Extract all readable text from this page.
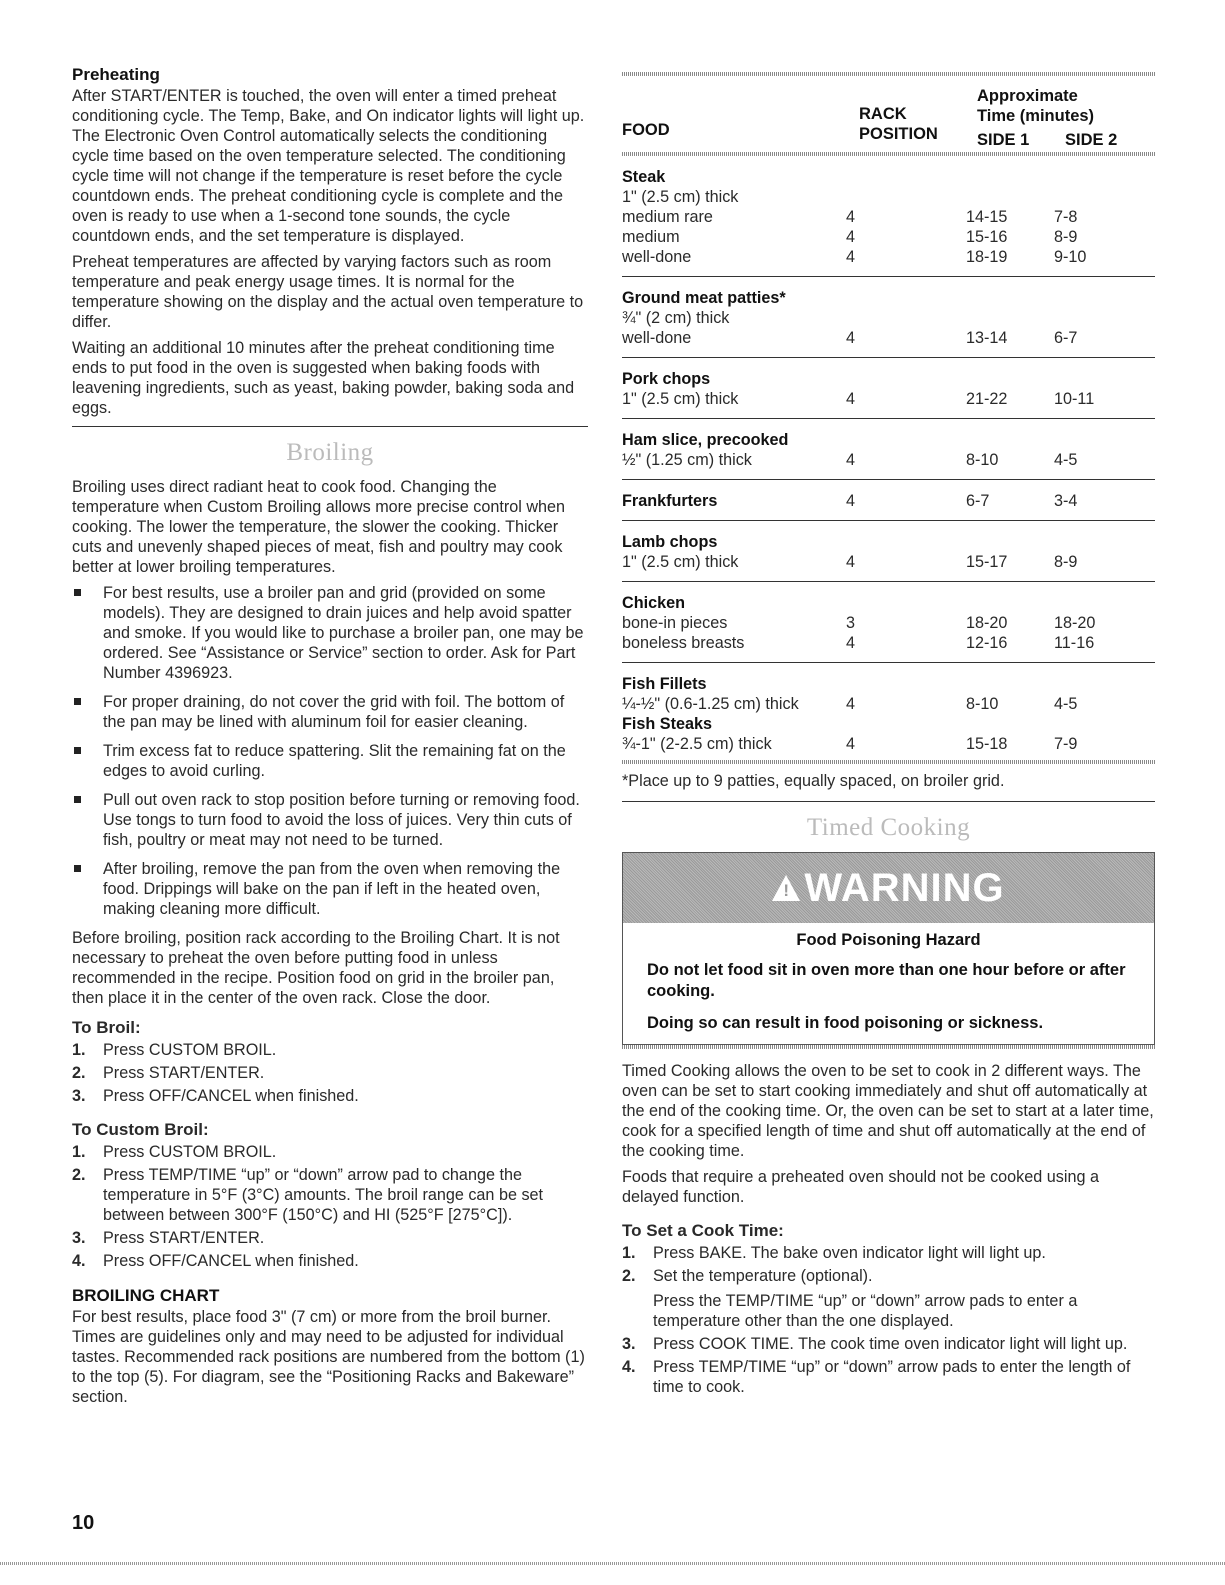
Preheating

After START/ENTER is touched, the oven will enter a timed preheat conditioning cycle. The Temp, Bake, and On indicator lights will light up. The Electronic Oven Control automatically selects the conditioning cycle time based on the oven temperature selected. The conditioning cycle time will not change if the temperature is reset before the cycle countdown ends. The preheat conditioning cycle is complete and the oven is ready to use when a 1-second tone sounds, the cycle countdown ends, and the set temperature is displayed.

Preheat temperatures are affected by varying factors such as room temperature and peak energy usage times. It is normal for the temperature showing on the display and the actual oven temperature to differ.

Waiting an additional 10 minutes after the preheat conditioning time ends to put food in the oven is suggested when baking foods with leavening ingredients, such as yeast, baking powder, baking soda and eggs.

Broiling

Broiling uses direct radiant heat to cook food. Changing the temperature when Custom Broiling allows more precise control when cooking. The lower the temperature, the slower the cooking. Thicker cuts and unevenly shaped pieces of meat, fish and poultry may cook better at lower broiling temperatures.

For best results, use a broiler pan and grid (provided on some models). They are designed to drain juices and help avoid spatter and smoke. If you would like to purchase a broiler pan, one may be ordered. See “Assistance or Service” section to order. Ask for Part Number 4396923.
For proper draining, do not cover the grid with foil. The bottom of the pan may be lined with aluminum foil for easier cleaning.
Trim excess fat to reduce spattering. Slit the remaining fat on the edges to avoid curling.
Pull out oven rack to stop position before turning or removing food. Use tongs to turn food to avoid the loss of juices. Very thin cuts of fish, poultry or meat may not need to be turned.
After broiling, remove the pan from the oven when removing the food. Drippings will bake on the pan if left in the heated oven, making cleaning more difficult.

Before broiling, position rack according to the Broiling Chart. It is not necessary to preheat the oven before putting food in unless recommended in the recipe. Position food on grid in the broiler pan, then place it in the center of the oven rack. Close the door.

To Broil:
1. Press CUSTOM BROIL.
2. Press START/ENTER.
3. Press OFF/CANCEL when finished.
To Custom Broil:
1. Press CUSTOM BROIL.
2. Press TEMP/TIME “up” or “down” arrow pad to change the temperature in 5°F (3°C) amounts. The broil range can be set between between 300°F (150°C) and HI (525°F [275°C]).
3. Press START/ENTER.
4. Press OFF/CANCEL when finished.
BROILING CHART

For best results, place food 3" (7 cm) or more from the broil burner. Times are guidelines only and may need to be adjusted for individual tastes. Recommended rack positions are numbered from the bottom (1) to the top (5). For diagram, see the “Positioning Racks and Bakeware” section.

FOOD
RACK
POSITION
Approximate
Time (minutes)
SIDE 1 SIDE 2
Steak
1" (2.5 cm) thick
medium rare	4	14-15	7-8
medium	4	15-16	8-9
well-done	4	18-19	9-10
Ground meat patties*
¾" (2 cm) thick
well-done	4	13-14	6-7
Pork chops
1" (2.5 cm) thick	4	21-22	10-11
Ham slice, precooked
½" (1.25 cm) thick	4	8-10	4-5
Frankfurters	4	6-7	3-4
Lamb chops
1" (2.5 cm) thick	4	15-17	8-9
Chicken
bone-in pieces	3	18-20	18-20
boneless breasts	4	12-16	11-16
Fish Fillets
¼-½" (0.6-1.25 cm) thick	4	8-10	4-5
Fish Steaks
¾-1" (2-2.5 cm) thick	4	15-18	7-9
*Place up to 9 patties, equally spaced, on broiler grid.
Timed Cooking
!
WARNING
Food Poisoning Hazard

Do not let food sit in oven more than one hour before or after cooking.

Doing so can result in food poisoning or sickness.

Timed Cooking allows the oven to be set to cook in 2 different ways. The oven can be set to start cooking immediately and shut off automatically at the end of the cooking time. Or, the oven can be set to start at a later time, cook for a specified length of time and shut off automatically at the end of the cooking time.

Foods that require a preheated oven should not be cooked using a delayed function.

To Set a Cook Time:
1. Press BAKE. The bake oven indicator light will light up.
2. Set the temperature (optional).
Press the TEMP/TIME “up” or “down” arrow pads to enter a temperature other than the one displayed.
3. Press COOK TIME. The cook time oven indicator light will light up.
4. Press TEMP/TIME “up” or “down” arrow pads to enter the length of time to cook.
10
